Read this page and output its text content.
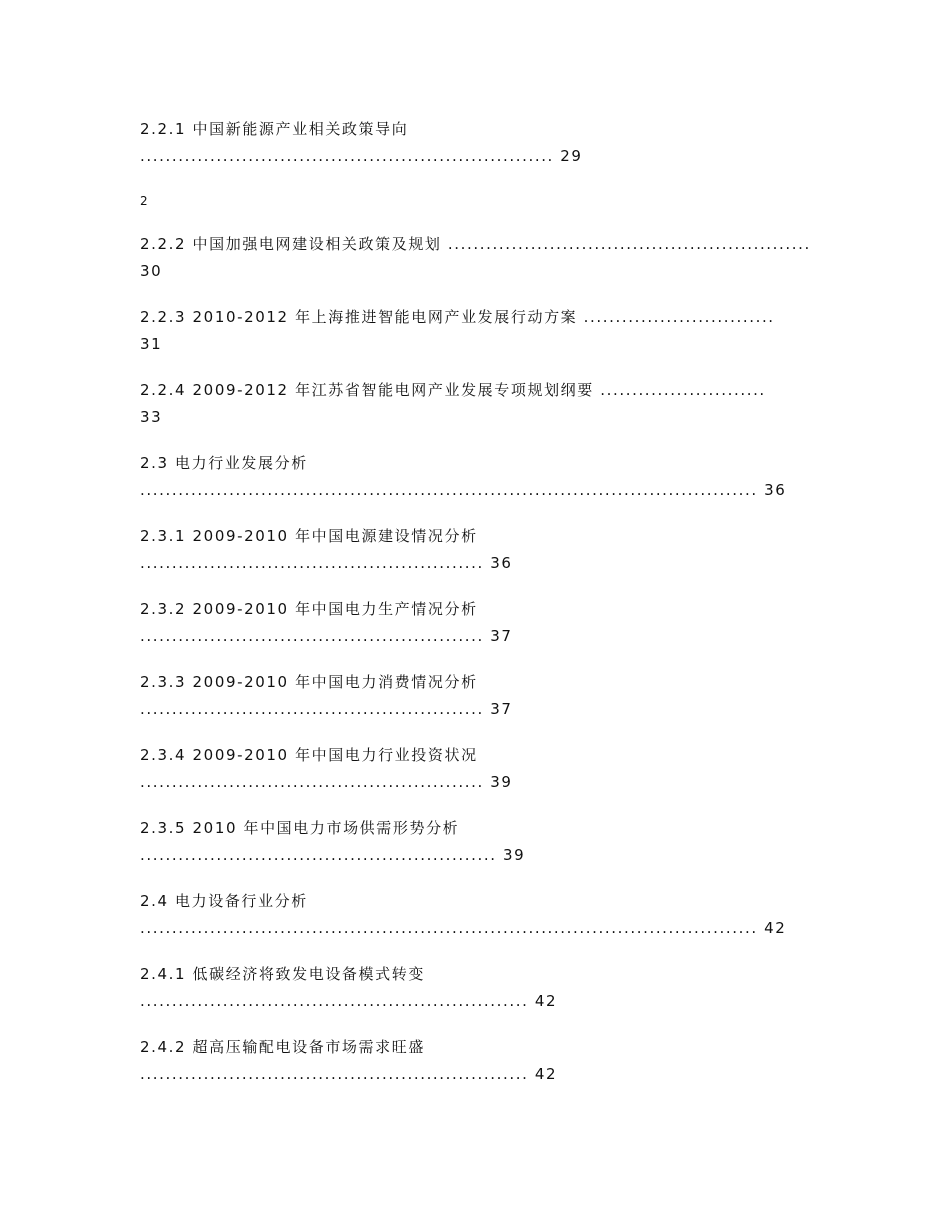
2.2.1 中国新能源产业相关政策导向

................................................................. 29

2

2.2.2 中国加强电网建设相关政策及规划 .........................................................

30

2.2.3 2010-2012 年上海推进智能电网产业发展行动方案 ..............................

31

2.2.4 2009-2012 年江苏省智能电网产业发展专项规划纲要 ..........................

33

2.3 电力行业发展分析

................................................................................................. 36

2.3.1 2009-2010 年中国电源建设情况分析

...................................................... 36

2.3.2 2009-2010 年中国电力生产情况分析

...................................................... 37

2.3.3 2009-2010 年中国电力消费情况分析

...................................................... 37

2.3.4 2009-2010 年中国电力行业投资状况

...................................................... 39

2.3.5 2010 年中国电力市场供需形势分析

........................................................ 39

2.4 电力设备行业分析

................................................................................................. 42

2.4.1 低碳经济将致发电设备模式转变

............................................................. 42

2.4.2 超高压输配电设备市场需求旺盛

............................................................. 42
